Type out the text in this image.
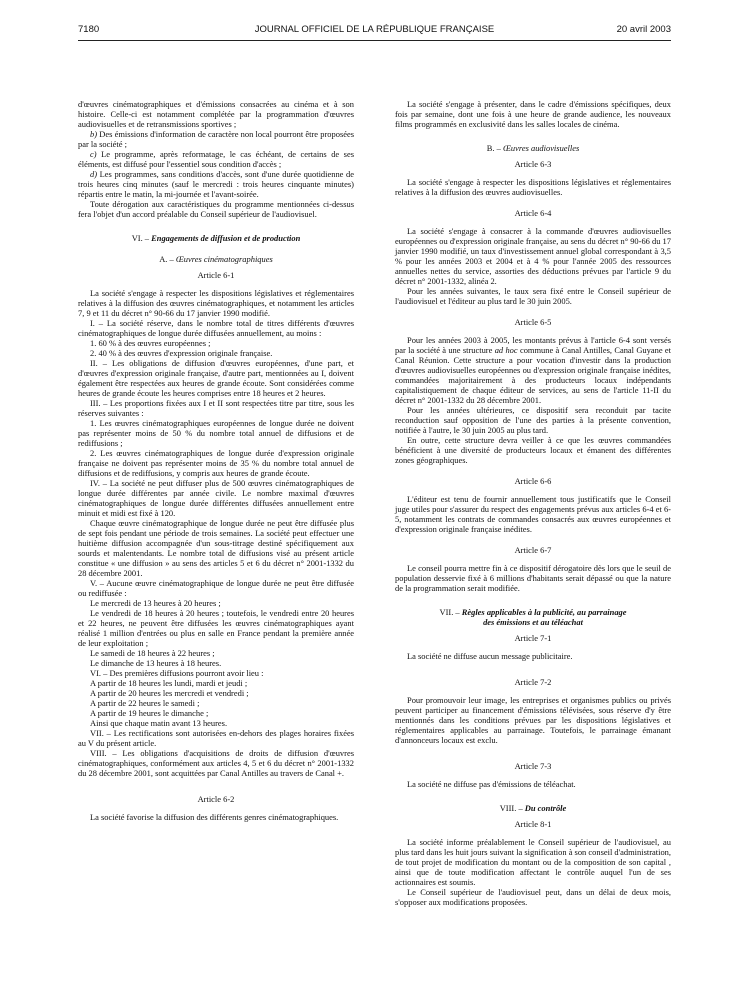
7180	JOURNAL OFFICIEL DE LA RÉPUBLIQUE FRANÇAISE	20 avril 2003

d'œuvres cinématographiques et d'émissions consacrées au cinéma et à son histoire. Celle-ci est notamment complétée par la programmation d'œuvres audiovisuelles et de retransmissions sportives ;

b) Des émissions d'information de caractère non local pourront être proposées par la société ;

c) Le programme, après reformatage, le cas échéant, de certains de ses éléments, est diffusé pour l'essentiel sous condition d'accès ;

d) Les programmes, sans conditions d'accès, sont d'une durée quotidienne de trois heures cinq minutes (sauf le mercredi : trois heures cinquante minutes) répartis entre le matin, la mi-journée et l'avant-soirée.

Toute dérogation aux caractéristiques du programme mentionnées ci-dessus fera l'objet d'un accord préalable du Conseil supérieur de l'audiovisuel.

VI. – Engagements de diffusion et de production
A. – Œuvres cinématographiques
Article 6-1

La société s'engage à respecter les dispositions législatives et réglementaires relatives à la diffusion des œuvres cinématographiques, et notamment les articles 7, 9 et 11 du décret n° 90-66 du 17 janvier 1990 modifié.

I. – La société réserve, dans le nombre total de titres différents d'œuvres cinématographiques de longue durée diffusées annuellement, au moins :

1. 60 % à des œuvres européennes ;

2. 40 % à des œuvres d'expression originale française.

II. – Les obligations de diffusion d'œuvres européennes, d'une part, et d'œuvres d'expression originale française, d'autre part, mentionnées au I, doivent également être respectées aux heures de grande écoute. Sont considérées comme heures de grande écoute les heures comprises entre 18 heures et 2 heures.

III. – Les proportions fixées aux I et II sont respectées titre par titre, sous les réserves suivantes :

1. Les œuvres cinématographiques européennes de longue durée ne doivent pas représenter moins de 50 % du nombre total annuel de diffusions et de rediffusions ;

2. Les œuvres cinématographiques de longue durée d'expression originale française ne doivent pas représenter moins de 35 % du nombre total annuel de diffusions et de rediffusions, y compris aux heures de grande écoute.

IV. – La société ne peut diffuser plus de 500 œuvres cinématographiques de longue durée différentes par année civile. Le nombre maximal d'œuvres cinématographiques de longue durée différentes diffusées annuellement entre minuit et midi est fixé à 120.

Chaque œuvre cinématographique de longue durée ne peut être diffusée plus de sept fois pendant une période de trois semaines. La société peut effectuer une huitième diffusion accompagnée d'un sous-titrage destiné spécifiquement aux sourds et malentendants. Le nombre total de diffusions visé au présent article constitue « une diffusion » au sens des articles 5 et 6 du décret n° 2001-1332 du 28 décembre 2001.

V. – Aucune œuvre cinématographique de longue durée ne peut être diffusée ou rediffusée :

Le mercredi de 13 heures à 20 heures ;

Le vendredi de 18 heures à 20 heures ; toutefois, le vendredi entre 20 heures et 22 heures, ne peuvent être diffusées les œuvres cinématographiques ayant réalisé 1 million d'entrées ou plus en salle en France pendant la première année de leur exploitation ;

Le samedi de 18 heures à 22 heures ;

Le dimanche de 13 heures à 18 heures.

VI. – Des premières diffusions pourront avoir lieu :

A partir de 18 heures les lundi, mardi et jeudi ;

A partir de 20 heures les mercredi et vendredi ;

A partir de 22 heures le samedi ;

A partir de 19 heures le dimanche ;

Ainsi que chaque matin avant 13 heures.

VII. – Les rectifications sont autorisées en-dehors des plages horaires fixées au V du présent article.

VIII. – Les obligations d'acquisitions de droits de diffusion d'œuvres cinématographiques, conformément aux articles 4, 5 et 6 du décret n° 2001-1332 du 28 décembre 2001, sont acquittées par Canal Antilles au travers de Canal +.

Article 6-2

La société favorise la diffusion des différents genres cinématographiques.

La société s'engage à présenter, dans le cadre d'émissions spécifiques, deux fois par semaine, dont une fois à une heure de grande audience, les nouveaux films programmés en exclusivité dans les salles locales de cinéma.

B. – Œuvres audiovisuelles
Article 6-3

La société s'engage à respecter les dispositions législatives et réglementaires relatives à la diffusion des œuvres audiovisuelles.

Article 6-4

La société s'engage à consacrer à la commande d'œuvres audiovisuelles européennes ou d'expression originale française, au sens du décret n° 90-66 du 17 janvier 1990 modifié, un taux d'investissement annuel global correspondant à 3,5 % pour les années 2003 et 2004 et à 4 % pour l'année 2005 des ressources annuelles nettes du service, assorties des déductions prévues par l'article 9 du décret n° 2001-1332, alinéa 2.

Pour les années suivantes, le taux sera fixé entre le Conseil supérieur de l'audiovisuel et l'éditeur au plus tard le 30 juin 2005.

Article 6-5

Pour les années 2003 à 2005, les montants prévus à l'article 6-4 sont versés par la société à une structure ad hoc commune à Canal Antilles, Canal Guyane et Canal Réunion. Cette structure a pour vocation d'investir dans la production d'œuvres audiovisuelles européennes ou d'expression originale française inédites, commandées majoritairement à des producteurs locaux indépendants capitalistiquement de chaque éditeur de services, au sens de l'article 11-II du décret n° 2001-1332 du 28 décembre 2001.

Pour les années ultérieures, ce dispositif sera reconduit par tacite reconduction sauf opposition de l'une des parties à la présente convention, notifiée à l'autre, le 30 juin 2005 au plus tard.

En outre, cette structure devra veiller à ce que les œuvres commandées bénéficient à une diversité de producteurs locaux et émanent des différentes zones géographiques.

Article 6-6

L'éditeur est tenu de fournir annuellement tous justificatifs que le Conseil juge utiles pour s'assurer du respect des engagements prévus aux articles 6-4 et 6-5, notamment les contrats de commandes consacrés aux œuvres européennes et d'expression originale française inédites.

Article 6-7

Le conseil pourra mettre fin à ce dispositif dérogatoire dès lors que le seuil de population desservie fixé à 6 millions d'habitants serait dépassé ou que la nature de la programmation serait modifiée.

VII. – Règles applicables à la publicité, au parrainage
des émissions et au téléachat
Article 7-1

La société ne diffuse aucun message publicitaire.

Article 7-2

Pour promouvoir leur image, les entreprises et organismes publics ou privés peuvent participer au financement d'émissions télévisées, sous réserve d'y être mentionnés dans les conditions prévues par les dispositions législatives et réglementaires applicables au parrainage. Toutefois, le parrainage émanant d'annonceurs locaux est exclu.

Article 7-3

La société ne diffuse pas d'émissions de téléachat.

VIII. – Du contrôle
Article 8-1

La société informe préalablement le Conseil supérieur de l'audiovisuel, au plus tard dans les huit jours suivant la signification à son conseil d'administration, de tout projet de modification du montant ou de la composition de son capital , ainsi que de toute modification affectant le contrôle auquel l'un de ses actionnaires est soumis.

Le Conseil supérieur de l'audiovisuel peut, dans un délai de deux mois, s'opposer aux modifications proposées.
